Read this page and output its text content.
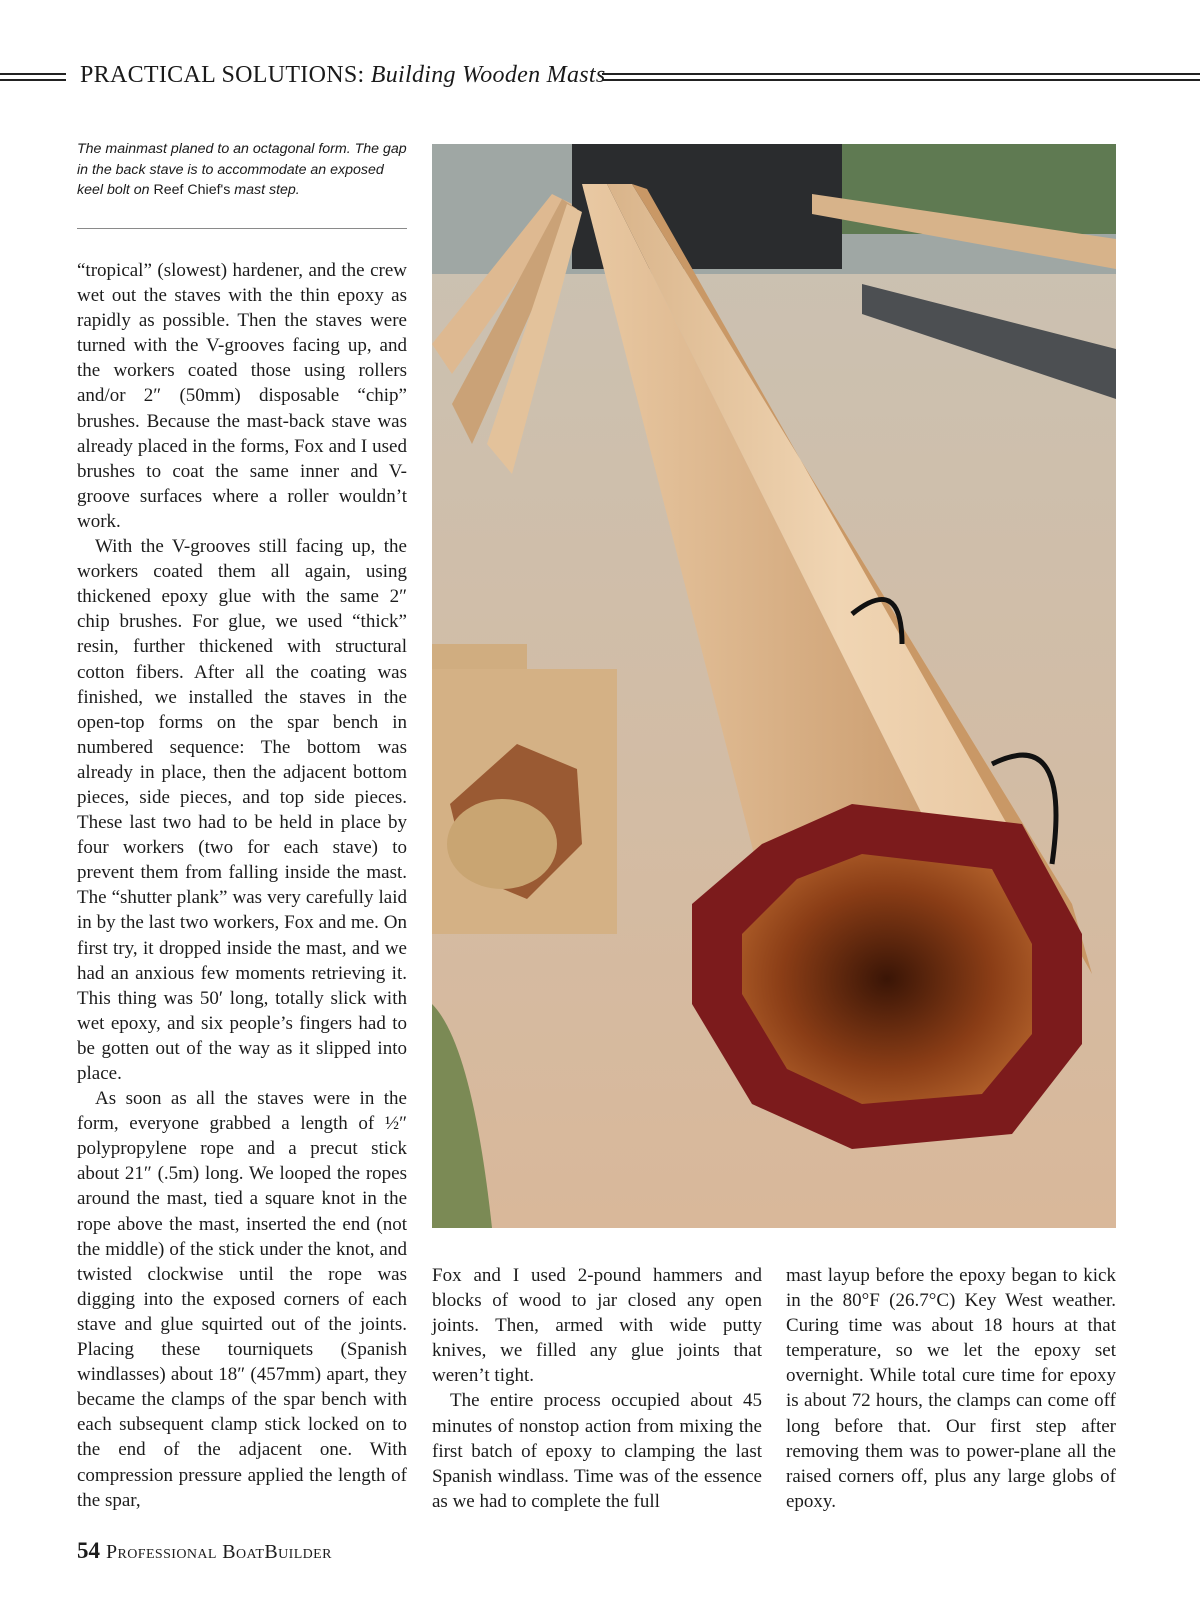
PRACTICAL SOLUTIONS: Building Wooden Masts
The mainmast planed to an octagonal form. The gap in the back stave is to accommodate an exposed keel bolt on Reef Chief's mast step.

“tropical” (slowest) hardener, and the crew wet out the staves with the thin epoxy as rapidly as possible. Then the staves were turned with the V-grooves facing up, and the workers coated those using rollers and/or 2″ (50mm) disposable “chip” brushes. Because the mast-back stave was already placed in the forms, Fox and I used brushes to coat the same inner and V-groove surfaces where a roller wouldn’t work.

With the V-grooves still facing up, the workers coated them all again, using thickened epoxy glue with the same 2″ chip brushes. For glue, we used “thick” resin, further thickened with structural cotton fibers. After all the coating was finished, we installed the staves in the open-top forms on the spar bench in numbered sequence: The bottom was already in place, then the adjacent bottom pieces, side pieces, and top side pieces. These last two had to be held in place by four workers (two for each stave) to prevent them from falling inside the mast. The “shutter plank” was very carefully laid in by the last two workers, Fox and me. On first try, it dropped inside the mast, and we had an anxious few moments retrieving it. This thing was 50′ long, totally slick with wet epoxy, and six people’s fingers had to be gotten out of the way as it slipped into place.

As soon as all the staves were in the form, everyone grabbed a length of ½″ polypropylene rope and a precut stick about 21″ (.5m) long. We looped the ropes around the mast, tied a square knot in the rope above the mast, inserted the end (not the middle) of the stick under the knot, and twisted clockwise until the rope was digging into the exposed corners of each stave and glue squirted out of the joints. Placing these tourniquets (Spanish windlasses) about 18″ (457mm) apart, they became the clamps of the spar bench with each subsequent clamp stick locked on to the end of the adjacent one. With compression pressure applied the length of the spar,

Fox and I used 2-pound hammers and blocks of wood to jar closed any open joints. Then, armed with wide putty knives, we filled any glue joints that weren’t tight.

The entire process occupied about 45 minutes of nonstop action from mixing the first batch of epoxy to clamping the last Spanish windlass. Time was of the essence as we had to complete the full

mast layup before the epoxy began to kick in the 80°F (26.7°C) Key West weather. Curing time was about 18 hours at that temperature, so we let the epoxy set overnight. While total cure time for epoxy is about 72 hours, the clamps can come off long before that. Our first step after removing them was to power-plane all the raised corners off, plus any large globs of epoxy.

54 Professional BoatBuilder
